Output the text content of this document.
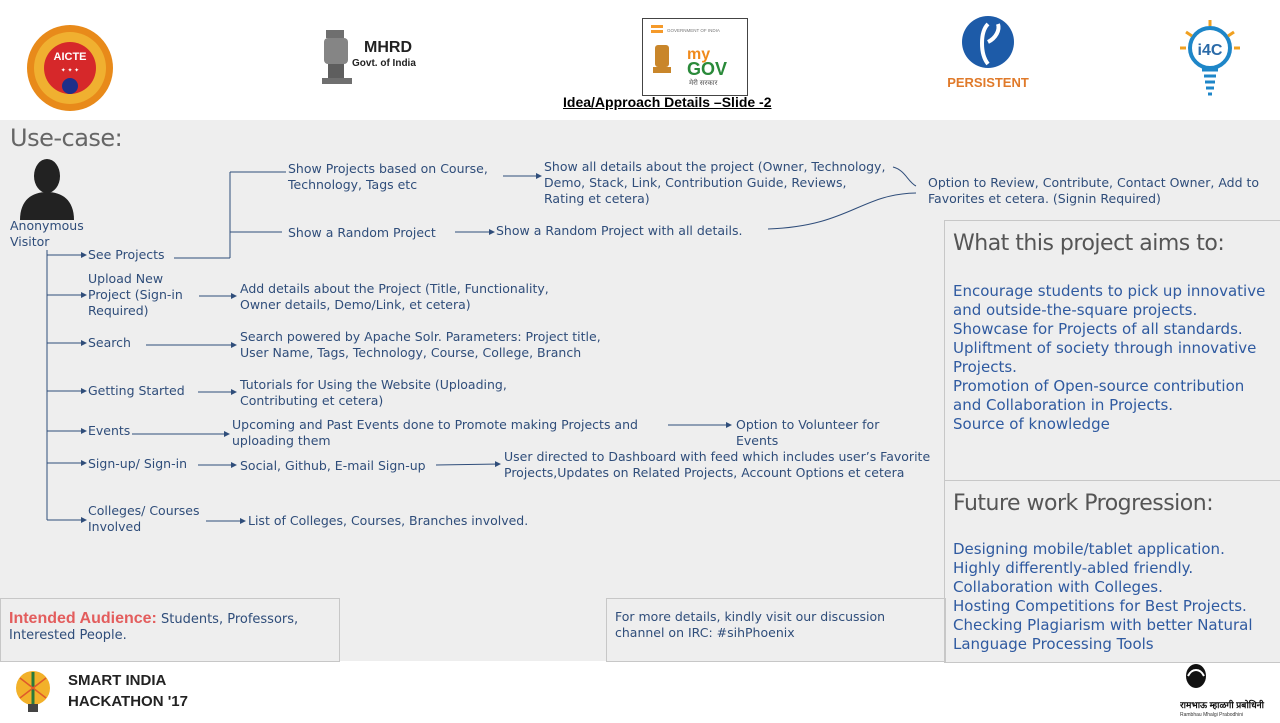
AICTE
✦ ✦ ✦
MHRD
Govt. of India
GOVERNMENT OF INDIA
my
GOV
मेरी सरकार
Idea/Approach Details –Slide -2
PERSISTENT
i4C
Use-case:
Anonymous Visitor
See Projects
Upload New Project (Sign-in Required)
Search
Getting Started
Events
Sign-up/ Sign-in
Colleges/ Courses Involved
Show Projects based on Course, Technology, Tags etc
Show a Random Project
Show all details about the project (Owner, Technology, Demo, Stack, Link, Contribution Guide, Reviews, Rating et cetera)
Show a Random Project with all details.
Option to Review, Contribute, Contact Owner, Add to Favorites et cetera. (Signin Required)
Add details about the Project (Title, Functionality, Owner details, Demo/Link, et cetera)
Search powered by Apache Solr. Parameters: Project title, User Name, Tags, Technology, Course, College, Branch
Tutorials for Using the Website (Uploading, Contributing et cetera)
Upcoming and Past Events done to Promote making Projects and uploading them
Option to Volunteer for Events
Social, Github, E-mail Sign-up
User directed to Dashboard with feed which includes user’s Favorite Projects,Updates on Related Projects, Account Options et cetera
List of Colleges, Courses, Branches involved.
What this project aims to:
Encourage students to pick up innovative and outside-the-square projects.
Showcase for Projects of all standards.
Upliftment of society through innovative Projects.
Promotion of Open-source contribution and Collaboration in Projects.
Source of knowledge
Future work Progression:
Designing mobile/tablet application.
Highly differently-abled friendly.
Collaboration with Colleges.
Hosting Competitions for Best Projects.
Checking Plagiarism with better Natural Language Processing Tools
Intended Audience: Students, Professors, Interested People.
For more details, kindly visit our discussion channel on IRC: #sihPhoenix
SMART INDIA
HACKATHON '17	रामभाऊ म्हाळगी प्रबोधिनी
Rambhau Mhalgi Prabodhini
